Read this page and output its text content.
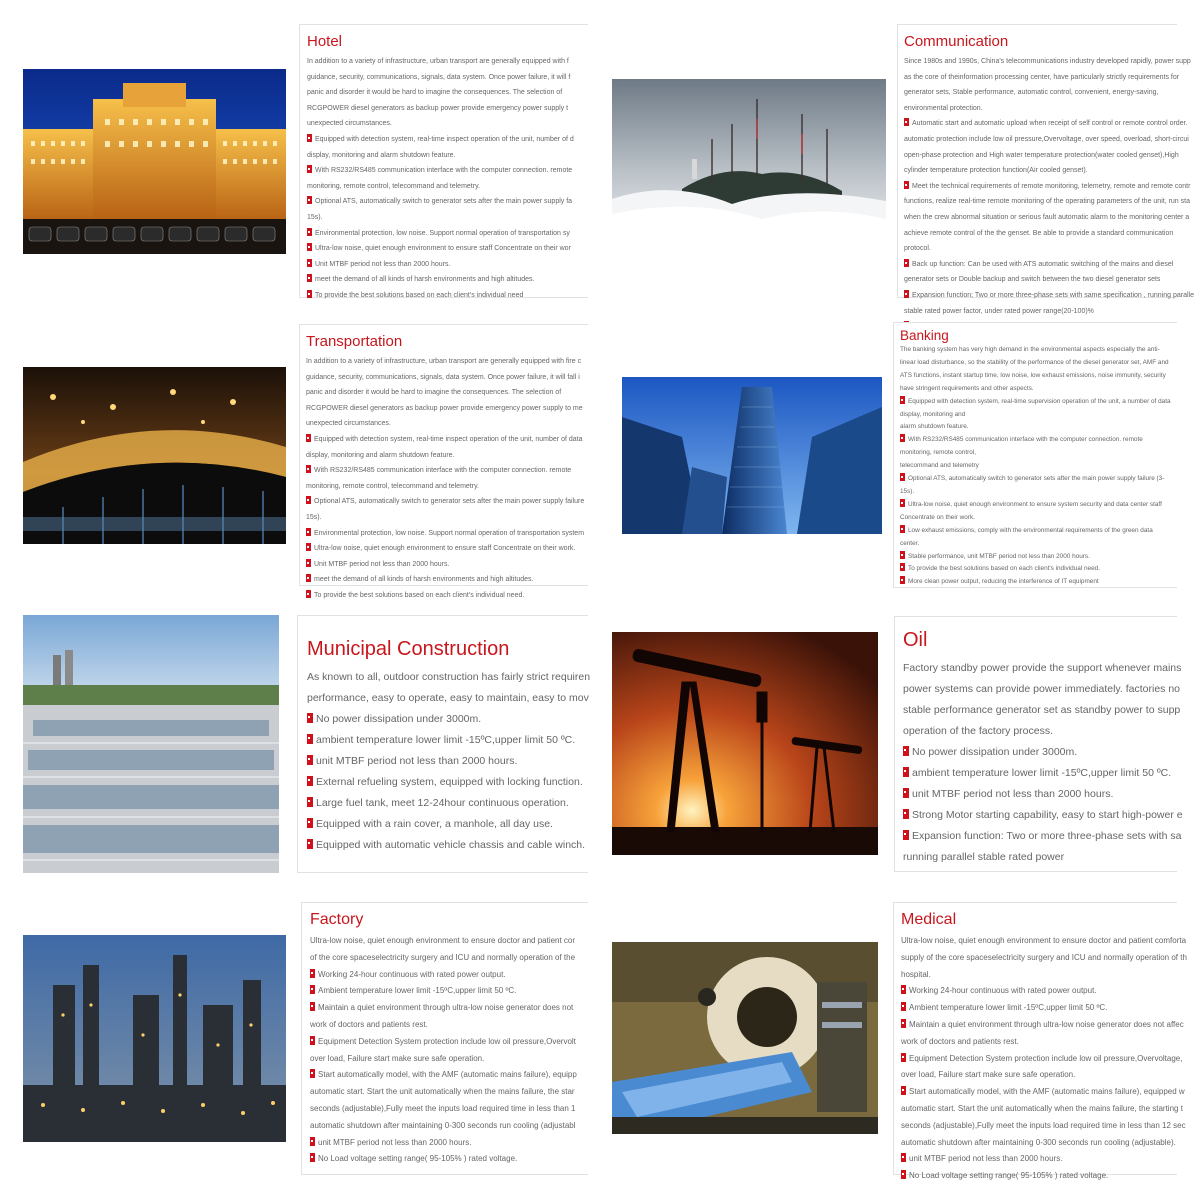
Hotel
In addition to a variety of infrastructure, urban transport are generally equipped with f
guidance, security, communications, signals, data system. Once power failure, it will f
panic and disorder it would be hard to imagine the consequences. The selection of
RCGPOWER diesel generators as backup power provide emergency power supply t
unexpected circumstances.
Equipped with detection system, real-time inspect operation of the unit, number of d
display, monitoring and alarm shutdown feature.
With RS232/RS485 communication interface with the computer connection. remote
monitoring, remote control, telecommand and telemetry.
Optional ATS, automatically switch to generator sets after the main power supply fa
15s).
Environmental protection, low noise. Support normal operation of transportation sy
Ultra-low noise, quiet enough environment to ensure staff Concentrate on their wor
Unit MTBF period not less than 2000 hours.
meet the demand of all kinds of harsh environments and high altitudes.
To provide the best solutions based on each client's individual need
Communication
Since 1980s and 1990s, China's telecommunications industry developed rapidly, power supp
as the core of theinformation processing center, have particularly strictly requirements for
generator sets, Stable performance, automatic control, convenient, energy-saving,
environmental protection.
Automatic start and automatic upload when receipt of self control or remote control order.
automatic protection include low oil pressure,Overvoltage, over speed, overload, short-circui
open-phase protection and High water temperature protection(water cooled genset),High
cylinder temperature protection function(Air cooled genset).
Meet the technical requirements of remote monitoring, telemetry, remote and remote contr
functions, realize real-time remote monitoring of the operating parameters of the unit, run sta
when the crew abnormal situation or serious fault automatic alarm to the monitoring center a
achieve remote control of the the genset. Be able to provide a standard communication
protocol.
Back up function: Can be used with ATS automatic switching of the mains and diesel
generator sets or Double backup and switch between the two diesel generator sets
Expansion function; Two or more three-phase sets with same specification , running paralle
stable rated power factor, under rated power range(20-100)%
Transportation
In addition to a variety of infrastructure, urban transport are generally equipped with fire c
guidance, security, communications, signals, data system. Once power failure, it will fall i
panic and disorder it would be hard to imagine the consequences. The selection of
RCGPOWER diesel generators as backup power provide emergency power supply to me
unexpected circumstances.
Equipped with detection system, real-time inspect operation of the unit, number of data
display, monitoring and alarm shutdown feature.
With RS232/RS485 communication interface with the computer connection. remote
monitoring, remote control, telecommand and telemetry.
Optional ATS, automatically switch to generator sets after the main power supply failure
15s).
Environmental protection, low noise. Support normal operation of transportation system
Ultra-low noise, quiet enough environment to ensure staff Concentrate on their work.
Unit MTBF period not less than 2000 hours.
meet the demand of all kinds of harsh environments and high altitudes.
To provide the best solutions based on each client's individual need.
Banking
The banking system has very high demand in the environmental aspects especially the anti-
linear load disturbance, so the stability of the performance of the diesel generator set, AMF and
ATS functions, instant startup time, low noise, low exhaust emissions, noise immunity, security
have stringent requirements and other aspects.
Equipped with detection system, real-time supervision operation of the unit, a number of data
display, monitoring and
alarm shutdown feature.
With RS232/RS485 communication interface with the computer connection. remote
monitoring, remote control,
telecommand and telemetry
Optional ATS, automatically switch to generator sets after the main power supply failure (3-
15s).
Ultra-low noise, quiet enough environment to ensure system security and data center staff
Concentrate on their work.
Low exhaust emissions, comply with the environmental requirements of the green data
center.
Stable performance, unit MTBF period not less than 2000 hours.
To provide the best solutions based on each client's individual need.
More clean power output, reducing the interference of IT equipment
Municipal Construction
As known to all, outdoor construction has fairly strict requiren
performance, easy to operate, easy to maintain, easy to mov
No power dissipation under 3000m.
ambient temperature lower limit -15ºC,upper limit 50 ºC.
unit MTBF period not less than 2000 hours.
External refueling system, equipped with locking function.
Large fuel tank, meet 12-24hour continuous operation.
Equipped with a rain cover, a manhole, all day use.
Equipped with automatic vehicle chassis and cable winch.
Oil
Factory standby power provide the support whenever mains
power systems can provide power immediately. factories no
stable performance generator set as standby power to supp
operation of the factory process.
No power dissipation under 3000m.
ambient temperature lower limit -15ºC,upper limit 50 ºC.
unit MTBF period not less than 2000 hours.
Strong Motor starting capability, easy to start high-power e
Expansion function: Two or more three-phase sets with sa
running parallel stable rated power
Factory
Ultra-low noise, quiet enough environment to ensure doctor and patient cor
of the core spaceselectricity surgery and ICU and normally operation of the
Working 24-hour continuous with rated power output.
Ambient temperature lower limit -15ºC,upper limit 50 ºC.
Maintain a quiet environment through ultra-low noise generator does not
work of doctors and patients rest.
Equipment Detection System protection include low oil pressure,Overvolt
over load, Failure start make sure safe operation.
Start automatically model, with the AMF (automatic mains failure), equipp
automatic start. Start the unit automatically when the mains failure, the star
seconds (adjustable),Fully meet the inputs load required time in less than 1
automatic shutdown after maintaining 0-300 seconds run cooling (adjustabl
unit MTBF period not less than 2000 hours.
No Load voltage setting range( 95-105% ) rated voltage.
Medical
Ultra-low noise, quiet enough environment to ensure doctor and patient comforta
supply of the core spaceselectricity surgery and ICU and normally operation of th
hospital.
Working 24-hour continuous with rated power output.
Ambient temperature lower limit -15ºC,upper limit 50 ºC.
Maintain a quiet environment through ultra-low noise generator does not affec
work of doctors and patients rest.
Equipment Detection System protection include low oil pressure,Overvoltage,
over load, Failure start make sure safe operation.
Start automatically model, with the AMF (automatic mains failure), equipped w
automatic start. Start the unit automatically when the mains failure, the starting t
seconds (adjustable),Fully meet the inputs load required time in less than 12 sec
automatic shutdown after maintaining 0-300 seconds run cooling (adjustable).
unit MTBF period not less than 2000 hours.
No Load voltage setting range( 95-105% ) rated voltage.
